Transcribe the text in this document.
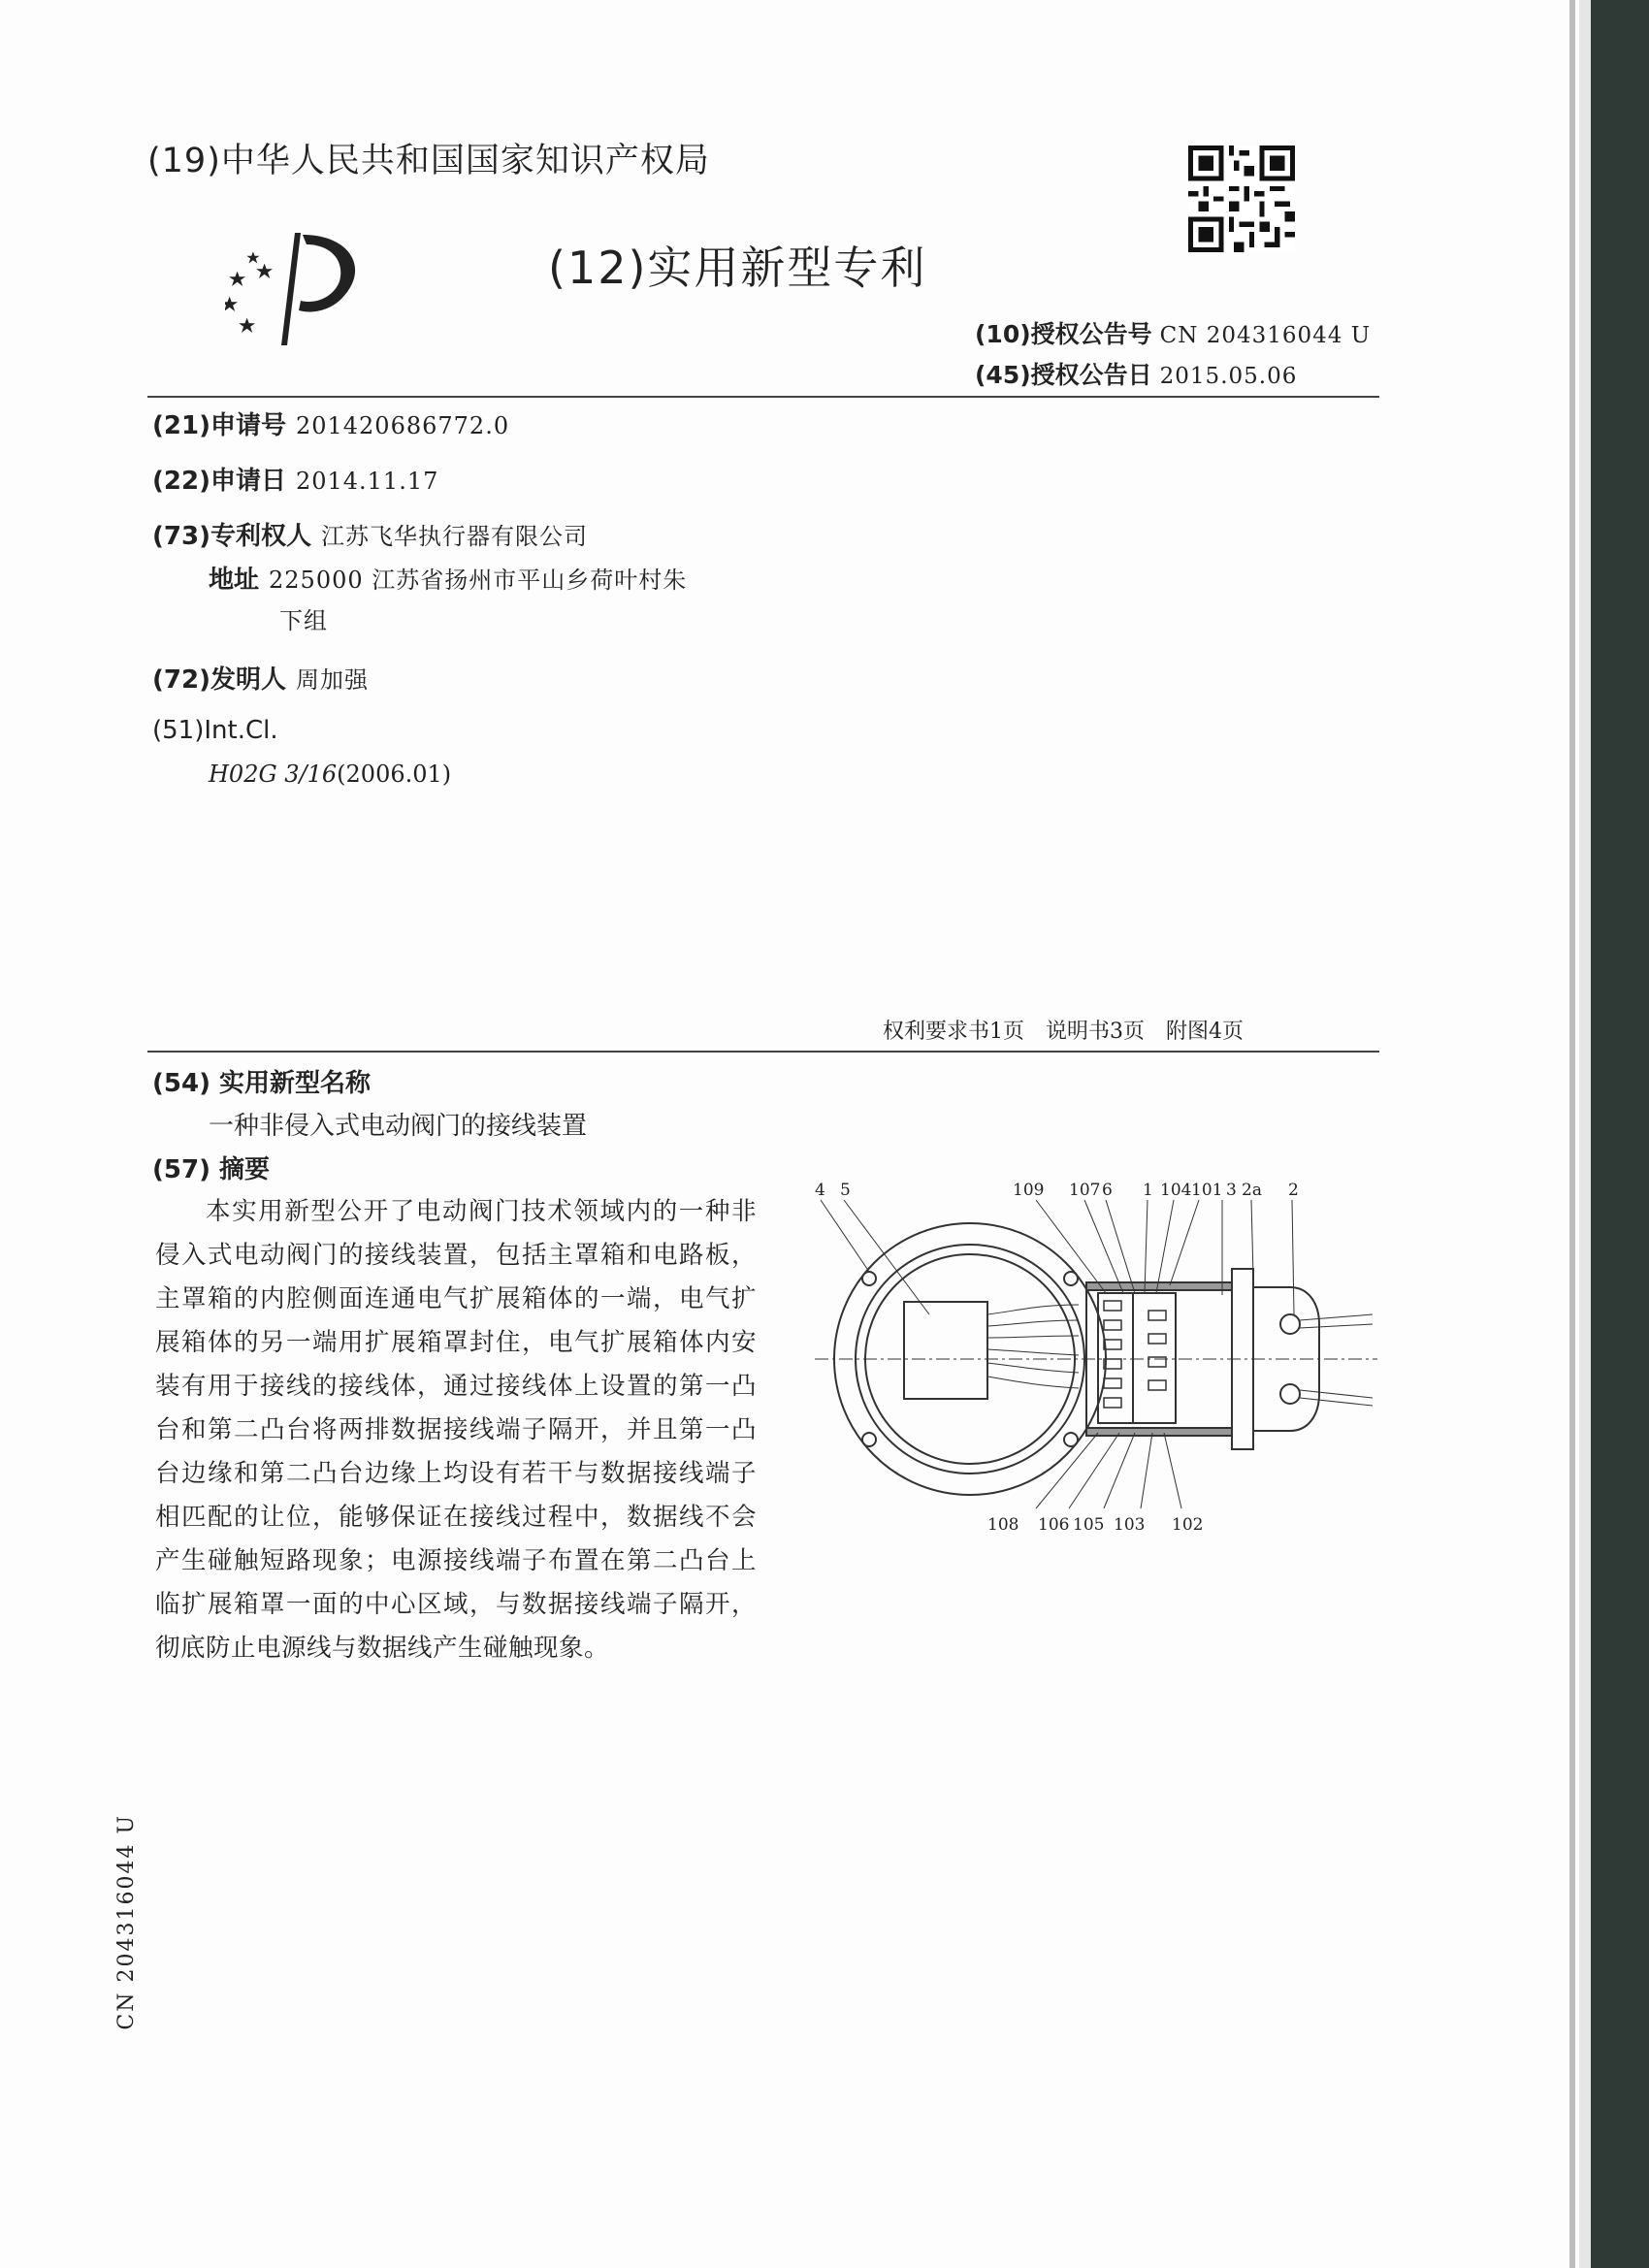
(19)中华人民共和国国家知识产权局
(12)实用新型专利
(10)授权公告号 CN 204316044 U
(45)授权公告日 2015.05.06
(21)申请号 201420686772.0
(22)申请日 2014.11.17
(73)专利权人 江苏飞华执行器有限公司
地址 225000 江苏省扬州市平山乡荷叶村朱
下组
(72)发明人 周加强
(51)Int.Cl.
H02G 3/16(2006.01)
权利要求书1页 说明书3页 附图4页
(54) 实用新型名称
一种非侵入式电动阀门的接线装置
(57) 摘要
本实用新型公开了电动阀门技术领域内的一种非侵入式电动阀门的接线装置，包括主罩箱和电路板，主罩箱的内腔侧面连通电气扩展箱体的一端，电气扩展箱体的另一端用扩展箱罩封住，电气扩展箱体内安装有用于接线的接线体，通过接线体上设置的第一凸台和第二凸台将两排数据接线端子隔开，并且第一凸台边缘和第二凸台边缘上均设有若干与数据接线端子相匹配的让位，能够保证在接线过程中，数据线不会产生碰触短路现象；电源接线端子布置在第二凸台上临扩展箱罩一面的中心区域，与数据接线端子隔开，彻底防止电源线与数据线产生碰触现象。
CN 204316044 U
4 5	109 107 6 1 104 101 3 2a 2
108 106 105 103 102
